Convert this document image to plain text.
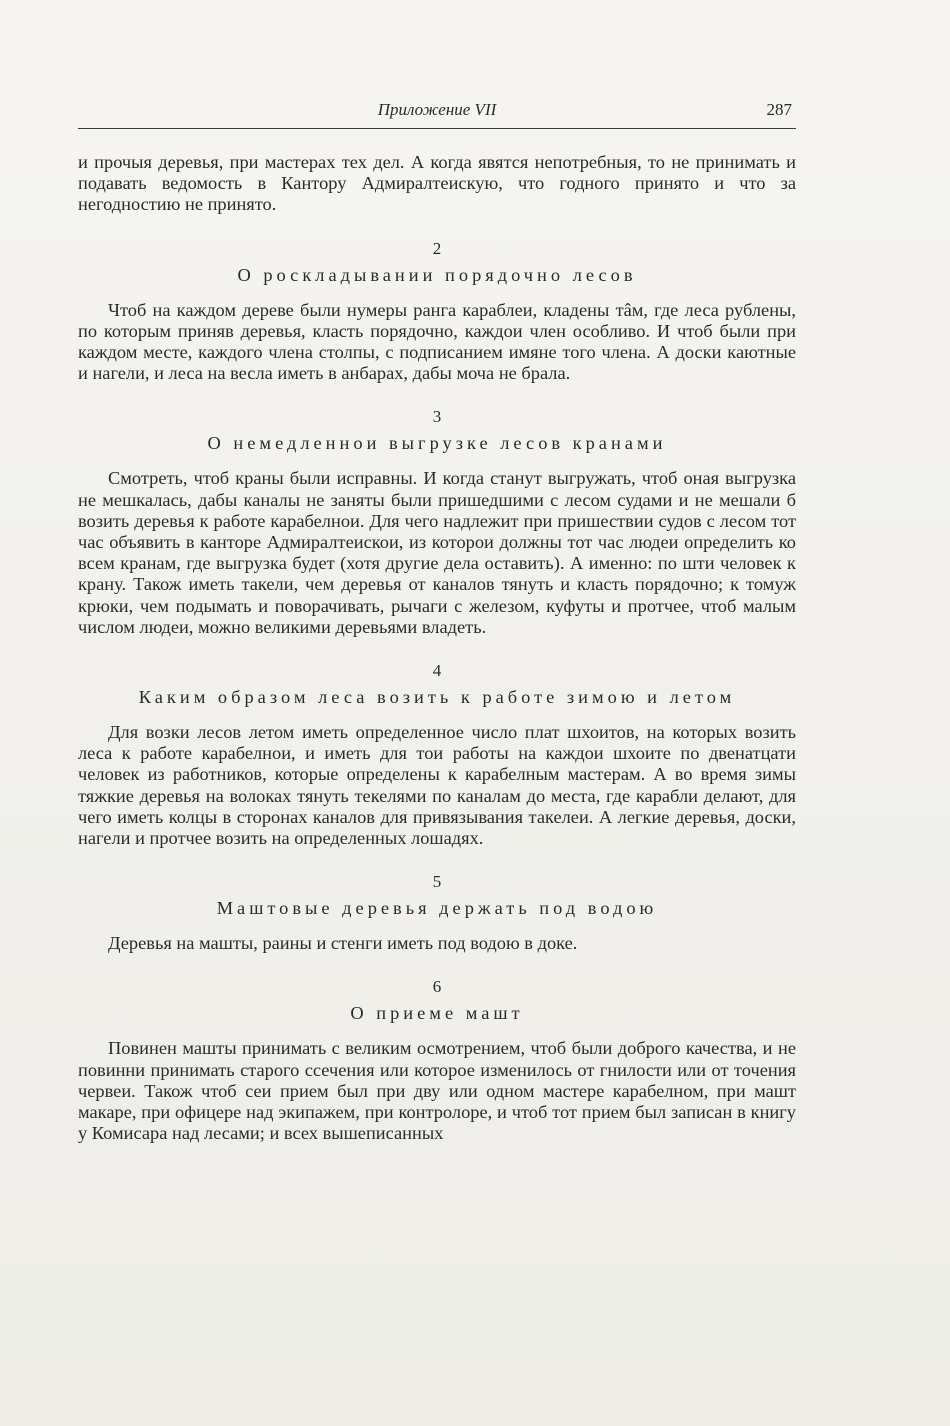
Приложение VII	287

и прочыя деревья, при мастерах тех дел. А когда явятся непотребныя, то не принимать и подавать ведомость в Кантору Адмиралтеискую, что годного принято и что за негодностию не принято.

2
О роскладывании порядочно лесов

Чтоб на каждом дереве были нумеры ранга караблеи, кладены тâм, где леса рублены, по которым приняв деревья, класть порядочно, каждои член особливо. И чтоб были при каждом месте, каждого члена столпы, с подписанием имяне того члена. А доски каютные и нагели, и леса на весла иметь в анбарах, дабы моча не брала.

3
О немедленнои выгрузке лесов кранами

Смотреть, чтоб краны были исправны. И когда станут выгружать, чтоб оная выгрузка не мешкалась, дабы каналы не заняты были пришедшими с лесом судами и не мешали б возить деревья к работе карабелнои. Для чего надлежит при пришествии судов с лесом тот час объявить в канторе Адмиралтеискои, из которои должны тот час людеи определить ко всем кранам, где выгрузка будет (хотя другие дела оставить). А именно: по шти человек к крану. Також иметь такели, чем деревья от каналов тянуть и класть порядочно; к томуж крюки, чем подымать и поворачивать, рычаги с железом, куфуты и протчее, чтоб малым числом людеи, можно великими деревьями владеть.

4
Каким образом леса возить к работе зимою и летом

Для возки лесов летом иметь определенное число плат шхоитов, на которых возить леса к работе карабелнои, и иметь для тои работы на каждои шхоите по двенатцати человек из работников, которые определены к карабелным мастерам. А во время зимы тяжкие деревья на волоках тянуть текелями по каналам до места, где карабли делают, для чего иметь колцы в сторонах каналов для привязывания такелеи. А легкие деревья, доски, нагели и протчее возить на определенных лошадях.

5
Маштовые деревья держать под водою

Деревья на машты, раины и стенги иметь под водою в доке.

6
О приеме машт

Повинен машты принимать с великим осмотрением, чтоб были доброго качества, и не повинни принимать старого ссечения или которое изменилось от гнилости или от точения червеи. Також чтоб сеи прием был при дву или одном мастере карабелном, при машт макаре, при офицере над экипажем, при контролоре, и чтоб тот прием был записан в книгу у Комисара над лесами; и всех вышеписанных
